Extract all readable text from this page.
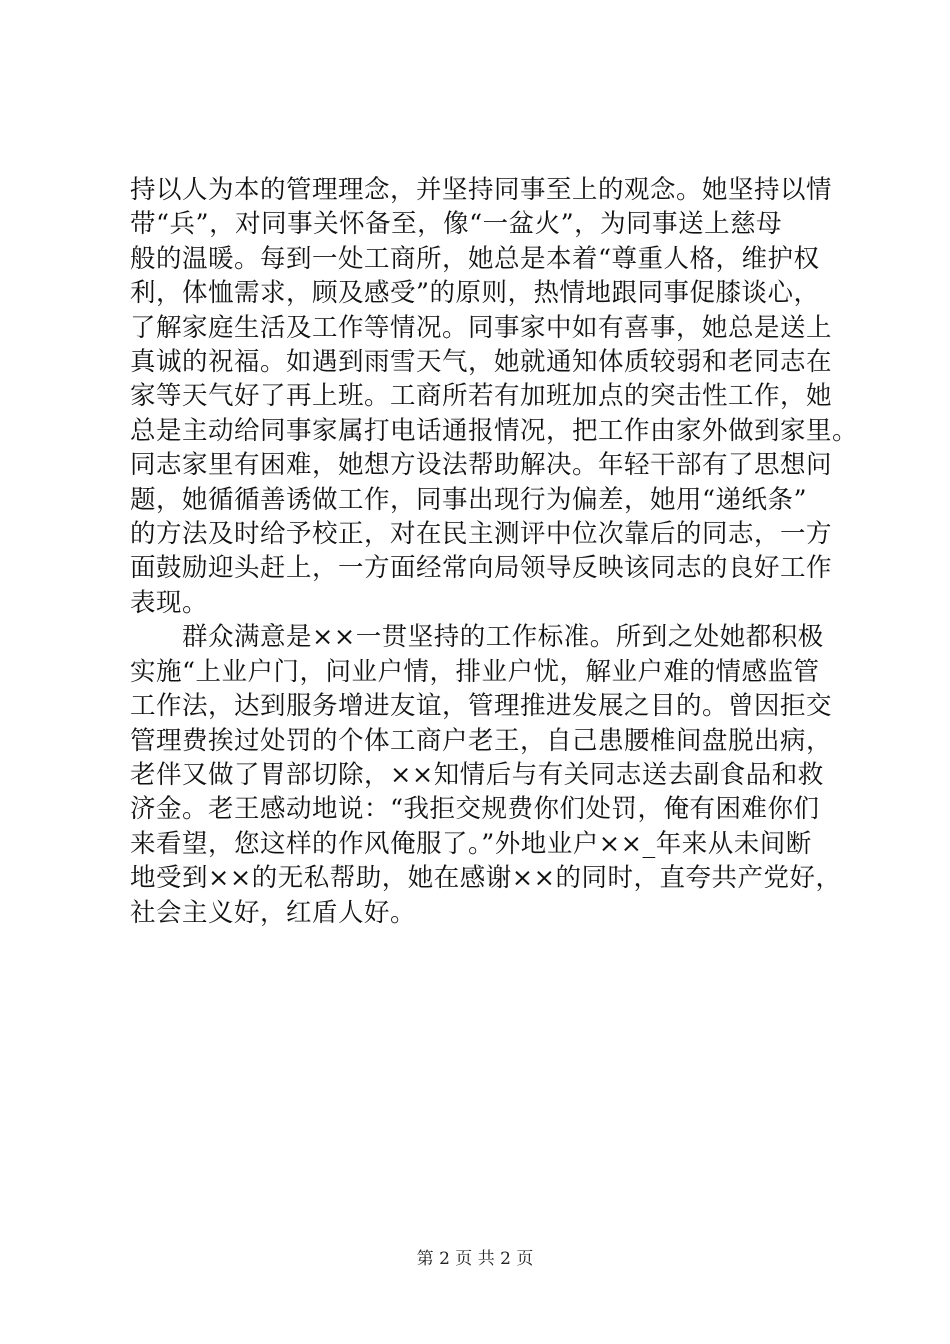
持以人为本的管理理念，并坚持同事至上的观念。她坚持以情
带“兵”，对同事关怀备至，像“一盆火”，为同事送上慈母
般的温暖。每到一处工商所，她总是本着“尊重人格，维护权
利，体恤需求，顾及感受”的原则，热情地跟同事促膝谈心，
了解家庭生活及工作等情况。同事家中如有喜事，她总是送上
真诚的祝福。如遇到雨雪天气，她就通知体质较弱和老同志在
家等天气好了再上班。工商所若有加班加点的突击性工作，她
总是主动给同事家属打电话通报情况，把工作由家外做到家里。
同志家里有困难，她想方设法帮助解决。年轻干部有了思想问
题，她循循善诱做工作，同事出现行为偏差，她用“递纸条”
的方法及时给予校正，对在民主测评中位次靠后的同志，一方
面鼓励迎头赶上，一方面经常向局领导反映该同志的良好工作
表现。
　　群众满意是××一贯坚持的工作标准。所到之处她都积极
实施“上业户门，问业户情，排业户忧，解业户难的情感监管
工作法，达到服务增进友谊，管理推进发展之目的。曾因拒交
管理费挨过处罚的个体工商户老王，自己患腰椎间盘脱出病，
老伴又做了胃部切除，××知情后与有关同志送去副食品和救
济金。老王感动地说：“我拒交规费你们处罚，俺有困难你们
来看望，您这样的作风俺服了。”外地业户××_年来从未间断
地受到××的无私帮助，她在感谢××的同时，直夸共产党好，
社会主义好，红盾人好。
第 2 页 共 2 页
